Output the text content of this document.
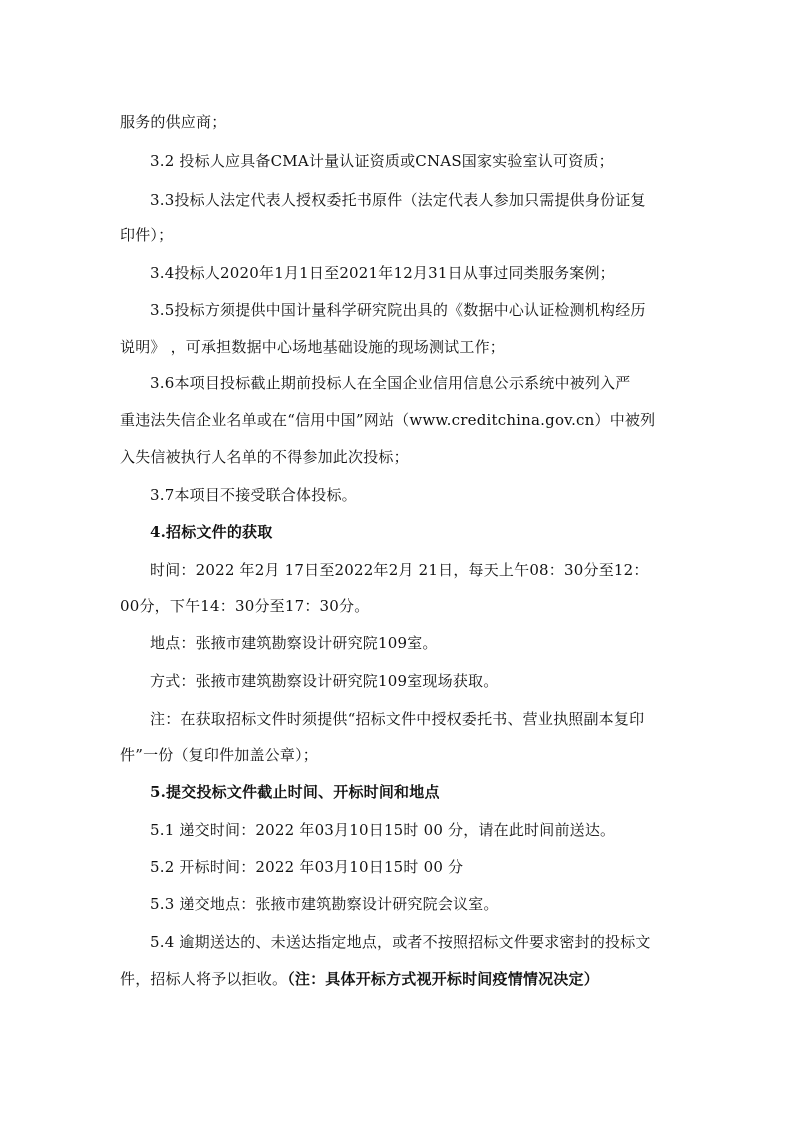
服务的供应商；
3.2 投标人应具备CMA计量认证资质或CNAS国家实验室认可资质；
3.3投标人法定代表人授权委托书原件（法定代表人参加只需提供身份证复
印件）；
3.4投标人2020年1月1日至2021年12月31日从事过同类服务案例；
3.5投标方须提供中国计量科学研究院出具的《数据中心认证检测机构经历
说明》 ，可承担数据中心场地基础设施的现场测试工作；
3.6本项目投标截止期前投标人在全国企业信用信息公示系统中被列入严
重违法失信企业名单或在“信用中国”网站（www.creditchina.gov.cn）中被列
入失信被执行人名单的不得参加此次投标；
3.7本项目不接受联合体投标。
4.招标文件的获取
时间：2022 年2月 17日至2022年2月 21日，每天上午08：30分至12：
00分，下午14：30分至17：30分。
地点：张掖市建筑勘察设计研究院109室。
方式：张掖市建筑勘察设计研究院109室现场获取。
注：在获取招标文件时须提供“招标文件中授权委托书、营业执照副本复印
件”一份（复印件加盖公章）；
5.提交投标文件截止时间、开标时间和地点
5.1 递交时间：2022 年03月10日15时 00 分，请在此时间前送达。
5.2 开标时间：2022 年03月10日15时 00 分
5.3 递交地点：张掖市建筑勘察设计研究院会议室。
5.4 逾期送达的、未送达指定地点，或者不按照招标文件要求密封的投标文
件，招标人将予以拒收。（注：具体开标方式视开标时间疫情情况决定）
